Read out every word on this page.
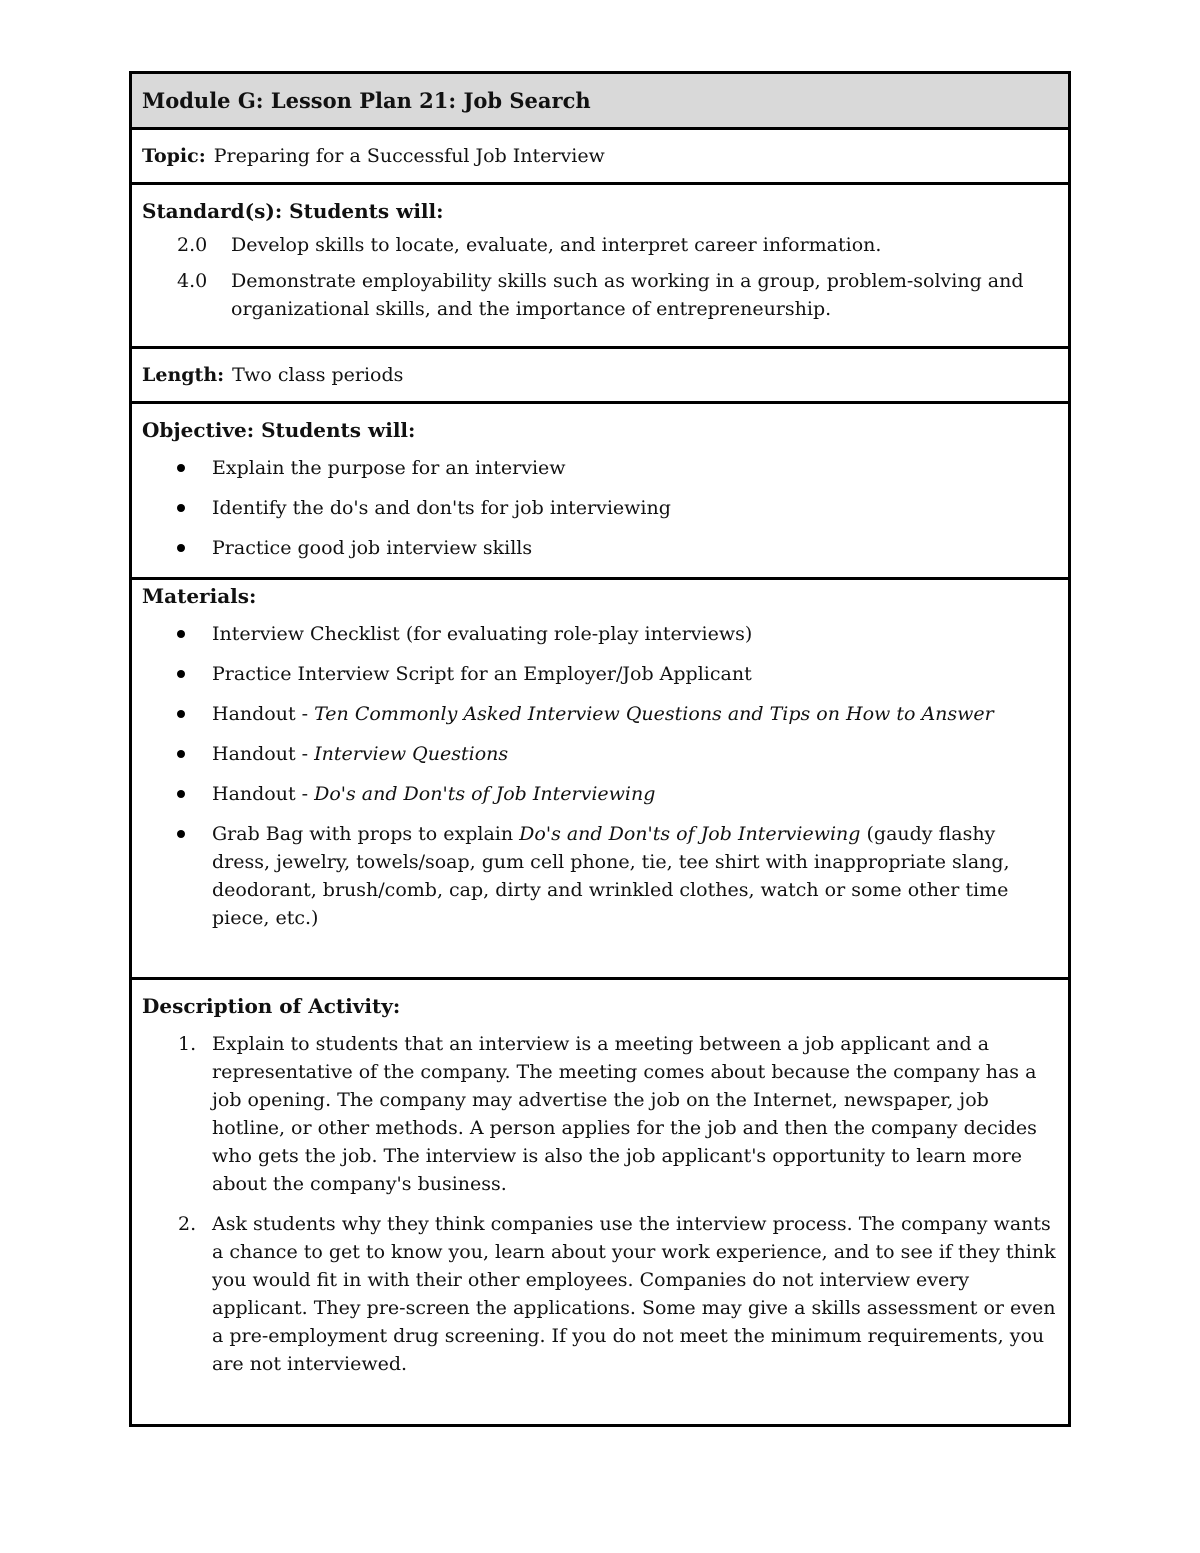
Module G: Lesson Plan 21: Job Search
Topic: Preparing for a Successful Job Interview
Standard(s): Students will:
2.0	Develop skills to locate, evaluate, and interpret career information.
4.0	Demonstrate employability skills such as working in a group, problem-solving and organizational skills, and the importance of entrepreneurship.
Length: Two class periods
Objective: Students will:
Explain the purpose for an interview
Identify the do's and don'ts for job interviewing
Practice good job interview skills
Materials:
Interview Checklist (for evaluating role-play interviews)
Practice Interview Script for an Employer/Job Applicant
Handout - Ten Commonly Asked Interview Questions and Tips on How to Answer
Handout - Interview Questions
Handout - Do's and Don'ts of Job Interviewing
Grab Bag with props to explain Do's and Don'ts of Job Interviewing (gaudy flashy dress, jewelry, towels/soap, gum cell phone, tie, tee shirt with inappropriate slang, deodorant, brush/comb, cap, dirty and wrinkled clothes, watch or some other time piece, etc.)
Description of Activity:
1. Explain to students that an interview is a meeting between a job applicant and a representative of the company. The meeting comes about because the company has a job opening. The company may advertise the job on the Internet, newspaper, job hotline, or other methods. A person applies for the job and then the company decides who gets the job. The interview is also the job applicant's opportunity to learn more about the company's business.
2. Ask students why they think companies use the interview process. The company wants a chance to get to know you, learn about your work experience, and to see if they think you would fit in with their other employees. Companies do not interview every applicant. They pre-screen the applications. Some may give a skills assessment or even a pre-employment drug screening. If you do not meet the minimum requirements, you are not interviewed.
